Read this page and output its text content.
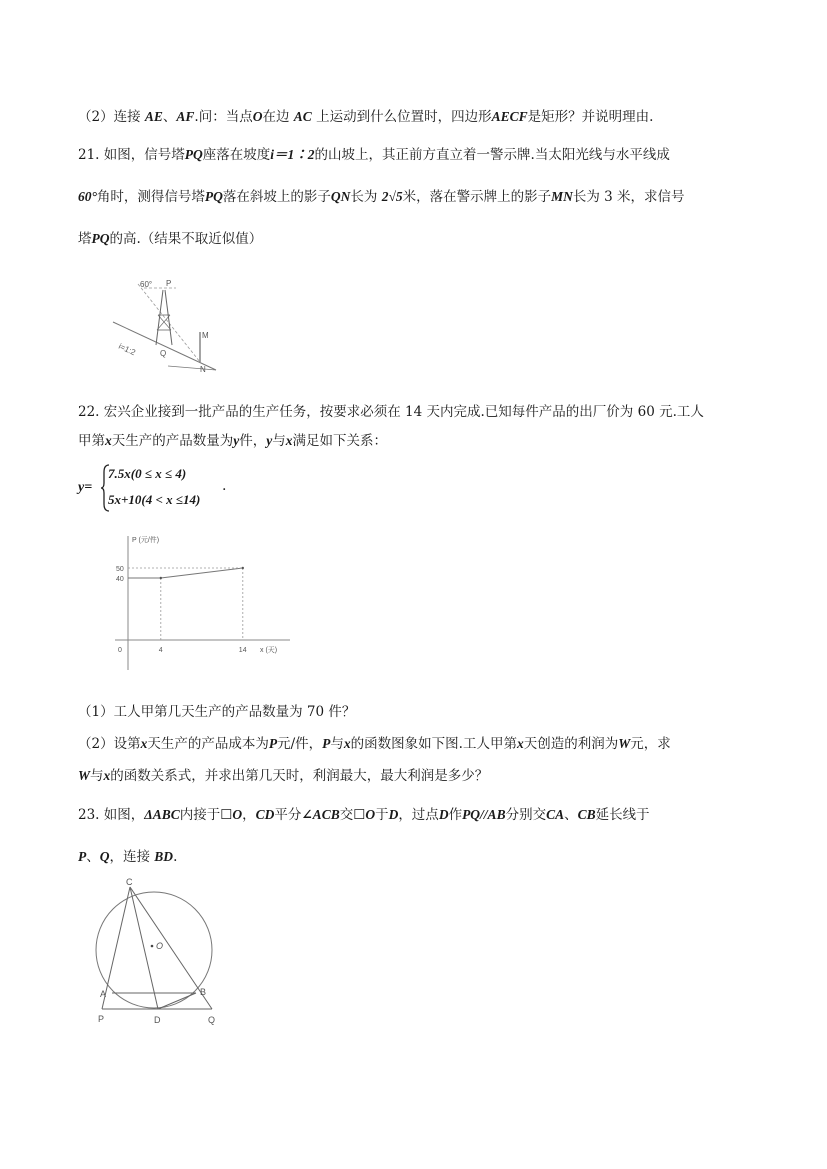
（2）连接 AE、AF.问：当点O在边 AC 上运动到什么位置时，四边形AECF是矩形？并说明理由.
21. 如图，信号塔PQ座落在坡度i＝1∶2的山坡上，其正前方直立着一警示牌.当太阳光线与水平线成
60°角时，测得信号塔PQ落在斜坡上的影子QN长为 2√5米，落在警示牌上的影子MN长为 3 米，求信号
塔PQ的高.（结果不取近似值）
60° P
M
N
Q
i=1:2
22. 宏兴企业接到一批产品的生产任务，按要求必须在 14 天内完成.已知每件产品的出厂价为 60 元.工人
甲第x天生产的产品数量为y件，y与x满足如下关系：
y=
7.5x(0 ≤ x ≤ 4)
5x+10(4 < x ≤14)
.
P (元/件)
x (天)
0	4	14
40
50
（1）工人甲第几天生产的产品数量为 70 件？
（2）设第x天生产的产品成本为P元/件，P与x的函数图象如下图.工人甲第x天创造的利润为W元，求
W与x的函数关系式，并求出第几天时，利润最大，最大利润是多少？
23. 如图，ΔABC内接于☐O，CD平分∠ACB交☐O于D，过点D作PQ//AB分别交CA、CB延长线于
P、Q，连接 BD.
C
O
A	B
P	D	Q
